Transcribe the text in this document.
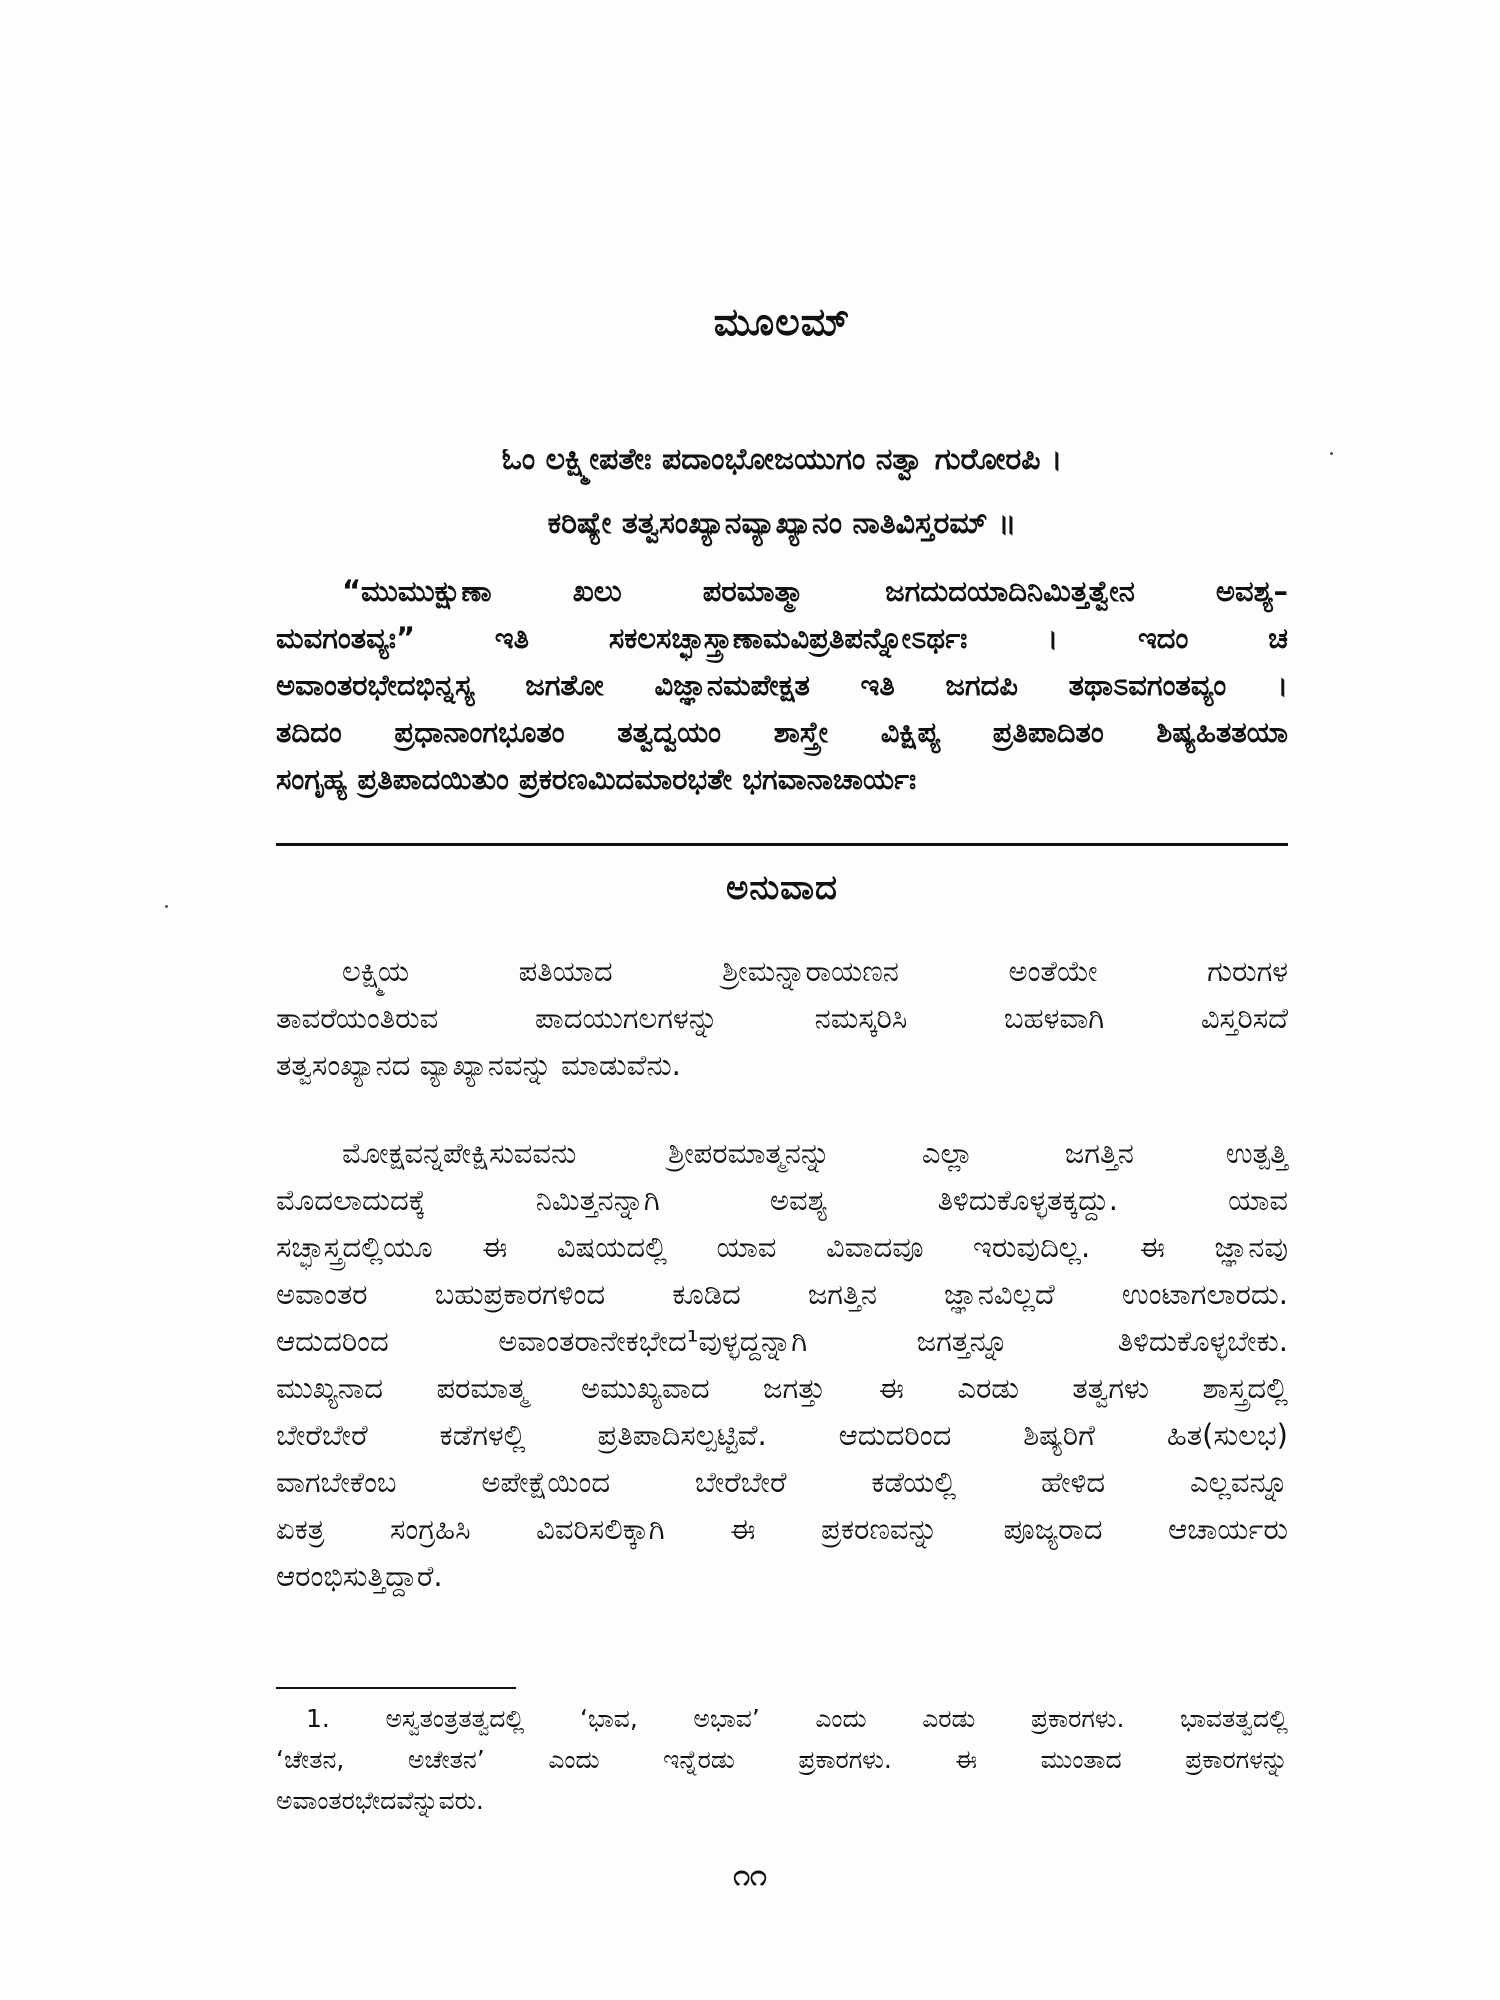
ಮೂಲಮ್
ಓಂ ಲಕ್ಷ್ಮೀಪತೇಃ ಪದಾಂಭೋಜಯುಗಂ ನತ್ವಾ ಗುರೋರಪಿ ।
ಕರಿಷ್ಯೇ ತತ್ವಸಂಖ್ಯಾನವ್ಯಾಖ್ಯಾನಂ ನಾತಿವಿಸ್ತರಮ್ ॥

“ಮುಮುಕ್ಷುಣಾ ಖಲು ಪರಮಾತ್ಮಾ ಜಗದುದಯಾದಿನಿಮಿತ್ತತ್ವೇನ ಅವಶ್ಯ–
ಮವಗಂತವ್ಯಃ” ಇತಿ ಸಕಲಸಚ್ಛಾಸ್ತ್ರಾಣಾಮವಿಪ್ರತಿಪನ್ನೋಽರ್ಥಃ । ಇದಂ ಚ
ಅವಾಂತರಭೇದಭಿನ್ನಸ್ಯ ಜಗತೋ ವಿಜ್ಞಾನಮಪೇಕ್ಷತ ಇತಿ ಜಗದಪಿ ತಥಾಽವಗಂತವ್ಯಂ ।
ತದಿದಂ ಪ್ರಧಾನಾಂಗಭೂತಂ ತತ್ವದ್ವಯಂ ಶಾಸ್ತ್ರೇ ವಿಕ್ಷಿಪ್ಯ ಪ್ರತಿಪಾದಿತಂ ಶಿಷ್ಯಹಿತತಯಾ
ಸಂಗೃಹ್ಯ ಪ್ರತಿಪಾದಯಿತುಂ ಪ್ರಕರಣಮಿದಮಾರಭತೇ ಭಗವಾನಾಚಾರ್ಯಃ

ಅನುವಾದ

ಲಕ್ಷ್ಮಿಯ ಪತಿಯಾದ ಶ್ರೀಮನ್ನಾರಾಯಣನ ಅಂತೆಯೇ ಗುರುಗಳ
ತಾವರೆಯಂತಿರುವ ಪಾದಯುಗಲಗಳನ್ನು ನಮಸ್ಕರಿಸಿ ಬಹಳವಾಗಿ ವಿಸ್ತರಿಸದೆ
ತತ್ವಸಂಖ್ಯಾನದ ವ್ಯಾಖ್ಯಾನವನ್ನು ಮಾಡುವೆನು.

ಮೋಕ್ಷವನ್ನಪೇಕ್ಷಿಸುವವನು ಶ್ರೀಪರಮಾತ್ಮನನ್ನು ಎಲ್ಲಾ ಜಗತ್ತಿನ ಉತ್ಪತ್ತಿ
ಮೊದಲಾದುದಕ್ಕೆ ನಿಮಿತ್ತನನ್ನಾಗಿ ಅವಶ್ಯ ತಿಳಿದುಕೊಳ್ಳತಕ್ಕದ್ದು. ಯಾವ
ಸಚ್ಛಾಸ್ತ್ರದಲ್ಲಿಯೂ ಈ ವಿಷಯದಲ್ಲಿ ಯಾವ ವಿವಾದವೂ ಇರುವುದಿಲ್ಲ. ಈ ಜ್ಞಾನವು
ಅವಾಂತರ ಬಹುಪ್ರಕಾರಗಳಿಂದ ಕೂಡಿದ ಜಗತ್ತಿನ ಜ್ಞಾನವಿಲ್ಲದೆ ಉಂಟಾಗಲಾರದು.
ಆದುದರಿಂದ ಅವಾಂತರಾನೇಕಭೇದ¹ವುಳ್ಳದ್ದನ್ನಾಗಿ ಜಗತ್ತನ್ನೂ ತಿಳಿದುಕೊಳ್ಳಬೇಕು.
ಮುಖ್ಯನಾದ ಪರಮಾತ್ಮ ಅಮುಖ್ಯವಾದ ಜಗತ್ತು ಈ ಎರಡು ತತ್ವಗಳು ಶಾಸ್ತ್ರದಲ್ಲಿ
ಬೇರೆಬೇರೆ ಕಡೆಗಳಲ್ಲಿ ಪ್ರತಿಪಾದಿಸಲ್ಪಟ್ಟಿವೆ. ಆದುದರಿಂದ ಶಿಷ್ಯರಿಗೆ ಹಿತ(ಸುಲಭ)
ವಾಗಬೇಕೆಂಬ ಅಪೇಕ್ಷೆಯಿಂದ ಬೇರೆಬೇರೆ ಕಡೆಯಲ್ಲಿ ಹೇಳಿದ ಎಲ್ಲವನ್ನೂ
ಏಕತ್ರ ಸಂಗ್ರಹಿಸಿ ವಿವರಿಸಲಿಕ್ಕಾಗಿ ಈ ಪ್ರಕರಣವನ್ನು ಪೂಜ್ಯರಾದ ಆಚಾರ್ಯರು
ಆರಂಭಿಸುತ್ತಿದ್ದಾರೆ.

1. ಅಸ್ವತಂತ್ರತತ್ವದಲ್ಲಿ ‘ಭಾವ, ಅಭಾವ’ ಎಂದು ಎರಡು ಪ್ರಕಾರಗಳು. ಭಾವತತ್ವದಲ್ಲಿ
‘ಚೇತನ, ಅಚೇತನ’ ಎಂದು ಇನ್ನೆರಡು ಪ್ರಕಾರಗಳು. ಈ ಮುಂತಾದ ಪ್ರಕಾರಗಳನ್ನು
ಅವಾಂತರಭೇದವೆನ್ನುವರು.
೧೧
